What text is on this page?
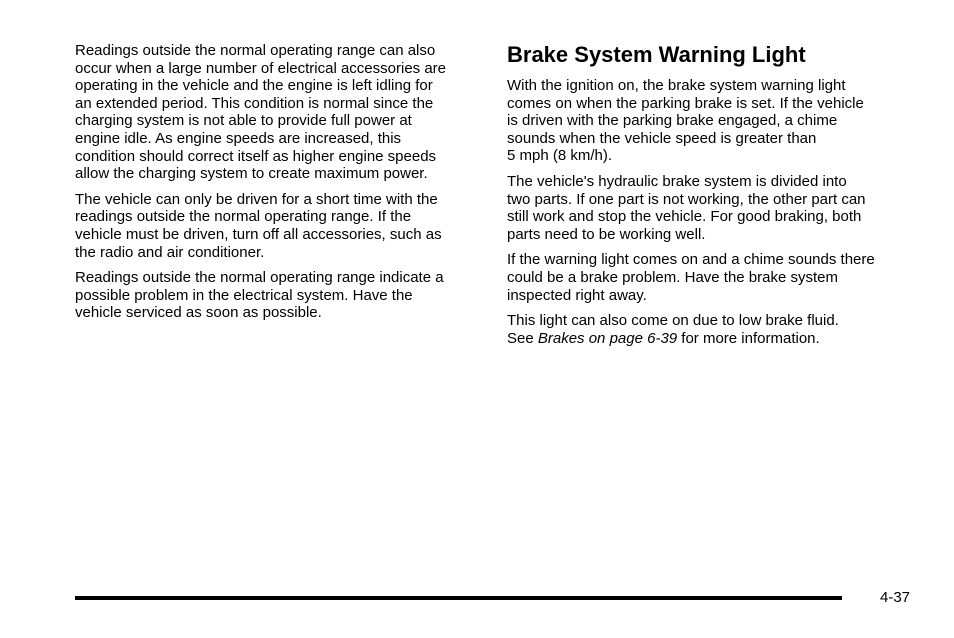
Readings outside the normal operating range can also
occur when a large number of electrical accessories are
operating in the vehicle and the engine is left idling for
an extended period. This condition is normal since the
charging system is not able to provide full power at
engine idle. As engine speeds are increased, this
condition should correct itself as higher engine speeds
allow the charging system to create maximum power.

The vehicle can only be driven for a short time with the
readings outside the normal operating range. If the
vehicle must be driven, turn off all accessories, such as
the radio and air conditioner.

Readings outside the normal operating range indicate a
possible problem in the electrical system. Have the
vehicle serviced as soon as possible.

Brake System Warning Light

With the ignition on, the brake system warning light
comes on when the parking brake is set. If the vehicle
is driven with the parking brake engaged, a chime
sounds when the vehicle speed is greater than
5 mph (8 km/h).

The vehicle's hydraulic brake system is divided into
two parts. If one part is not working, the other part can
still work and stop the vehicle. For good braking, both
parts need to be working well.

If the warning light comes on and a chime sounds there
could be a brake problem. Have the brake system
inspected right away.

This light can also come on due to low brake fluid.
See Brakes on page 6-39 for more information.

4-37
